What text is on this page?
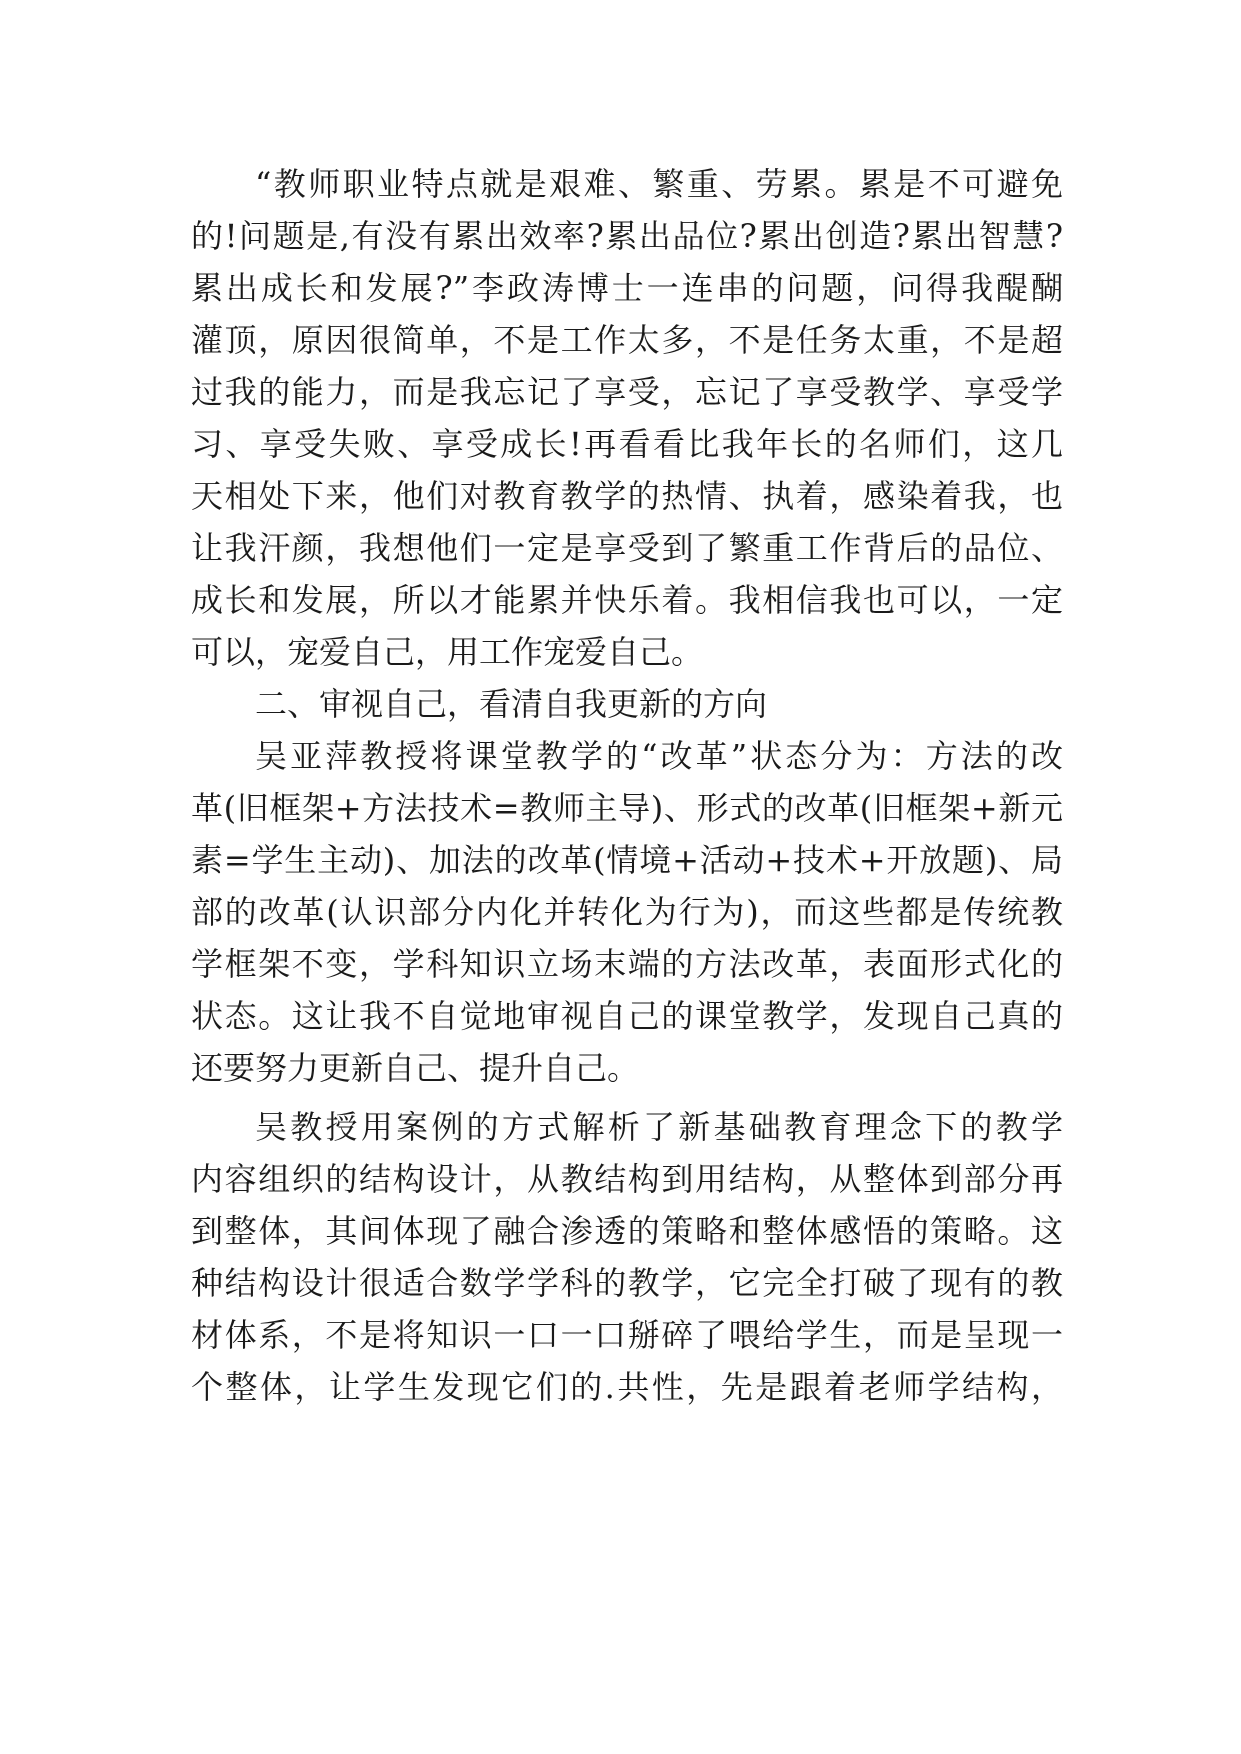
“教师职业特点就是艰难、繁重、劳累。累是不可避免
的!问题是,有没有累出效率?累出品位?累出创造?累出智慧?
累出成长和发展?”李政涛博士一连串的问题，问得我醍醐
灌顶，原因很简单，不是工作太多，不是任务太重，不是超
过我的能力，而是我忘记了享受，忘记了享受教学、享受学
习、享受失败、享受成长!再看看比我年长的名师们，这几
天相处下来，他们对教育教学的热情、执着，感染着我，也
让我汗颜，我想他们一定是享受到了繁重工作背后的品位、
成长和发展，所以才能累并快乐着。我相信我也可以，一定
可以，宠爱自己，用工作宠爱自己。
二、审视自己，看清自我更新的方向
吴亚萍教授将课堂教学的“改革”状态分为：方法的改
革(旧框架+方法技术=教师主导)、形式的改革(旧框架+新元
素=学生主动)、加法的改革(情境+活动+技术+开放题)、局
部的改革(认识部分内化并转化为行为)，而这些都是传统教
学框架不变，学科知识立场末端的方法改革，表面形式化的
状态。这让我不自觉地审视自己的课堂教学，发现自己真的
还要努力更新自己、提升自己。
吴教授用案例的方式解析了新基础教育理念下的教学
内容组织的结构设计，从教结构到用结构，从整体到部分再
到整体，其间体现了融合渗透的策略和整体感悟的策略。这
种结构设计很适合数学学科的教学，它完全打破了现有的教
材体系，不是将知识一口一口掰碎了喂给学生，而是呈现一
个整体，让学生发现它们的.共性，先是跟着老师学结构，
